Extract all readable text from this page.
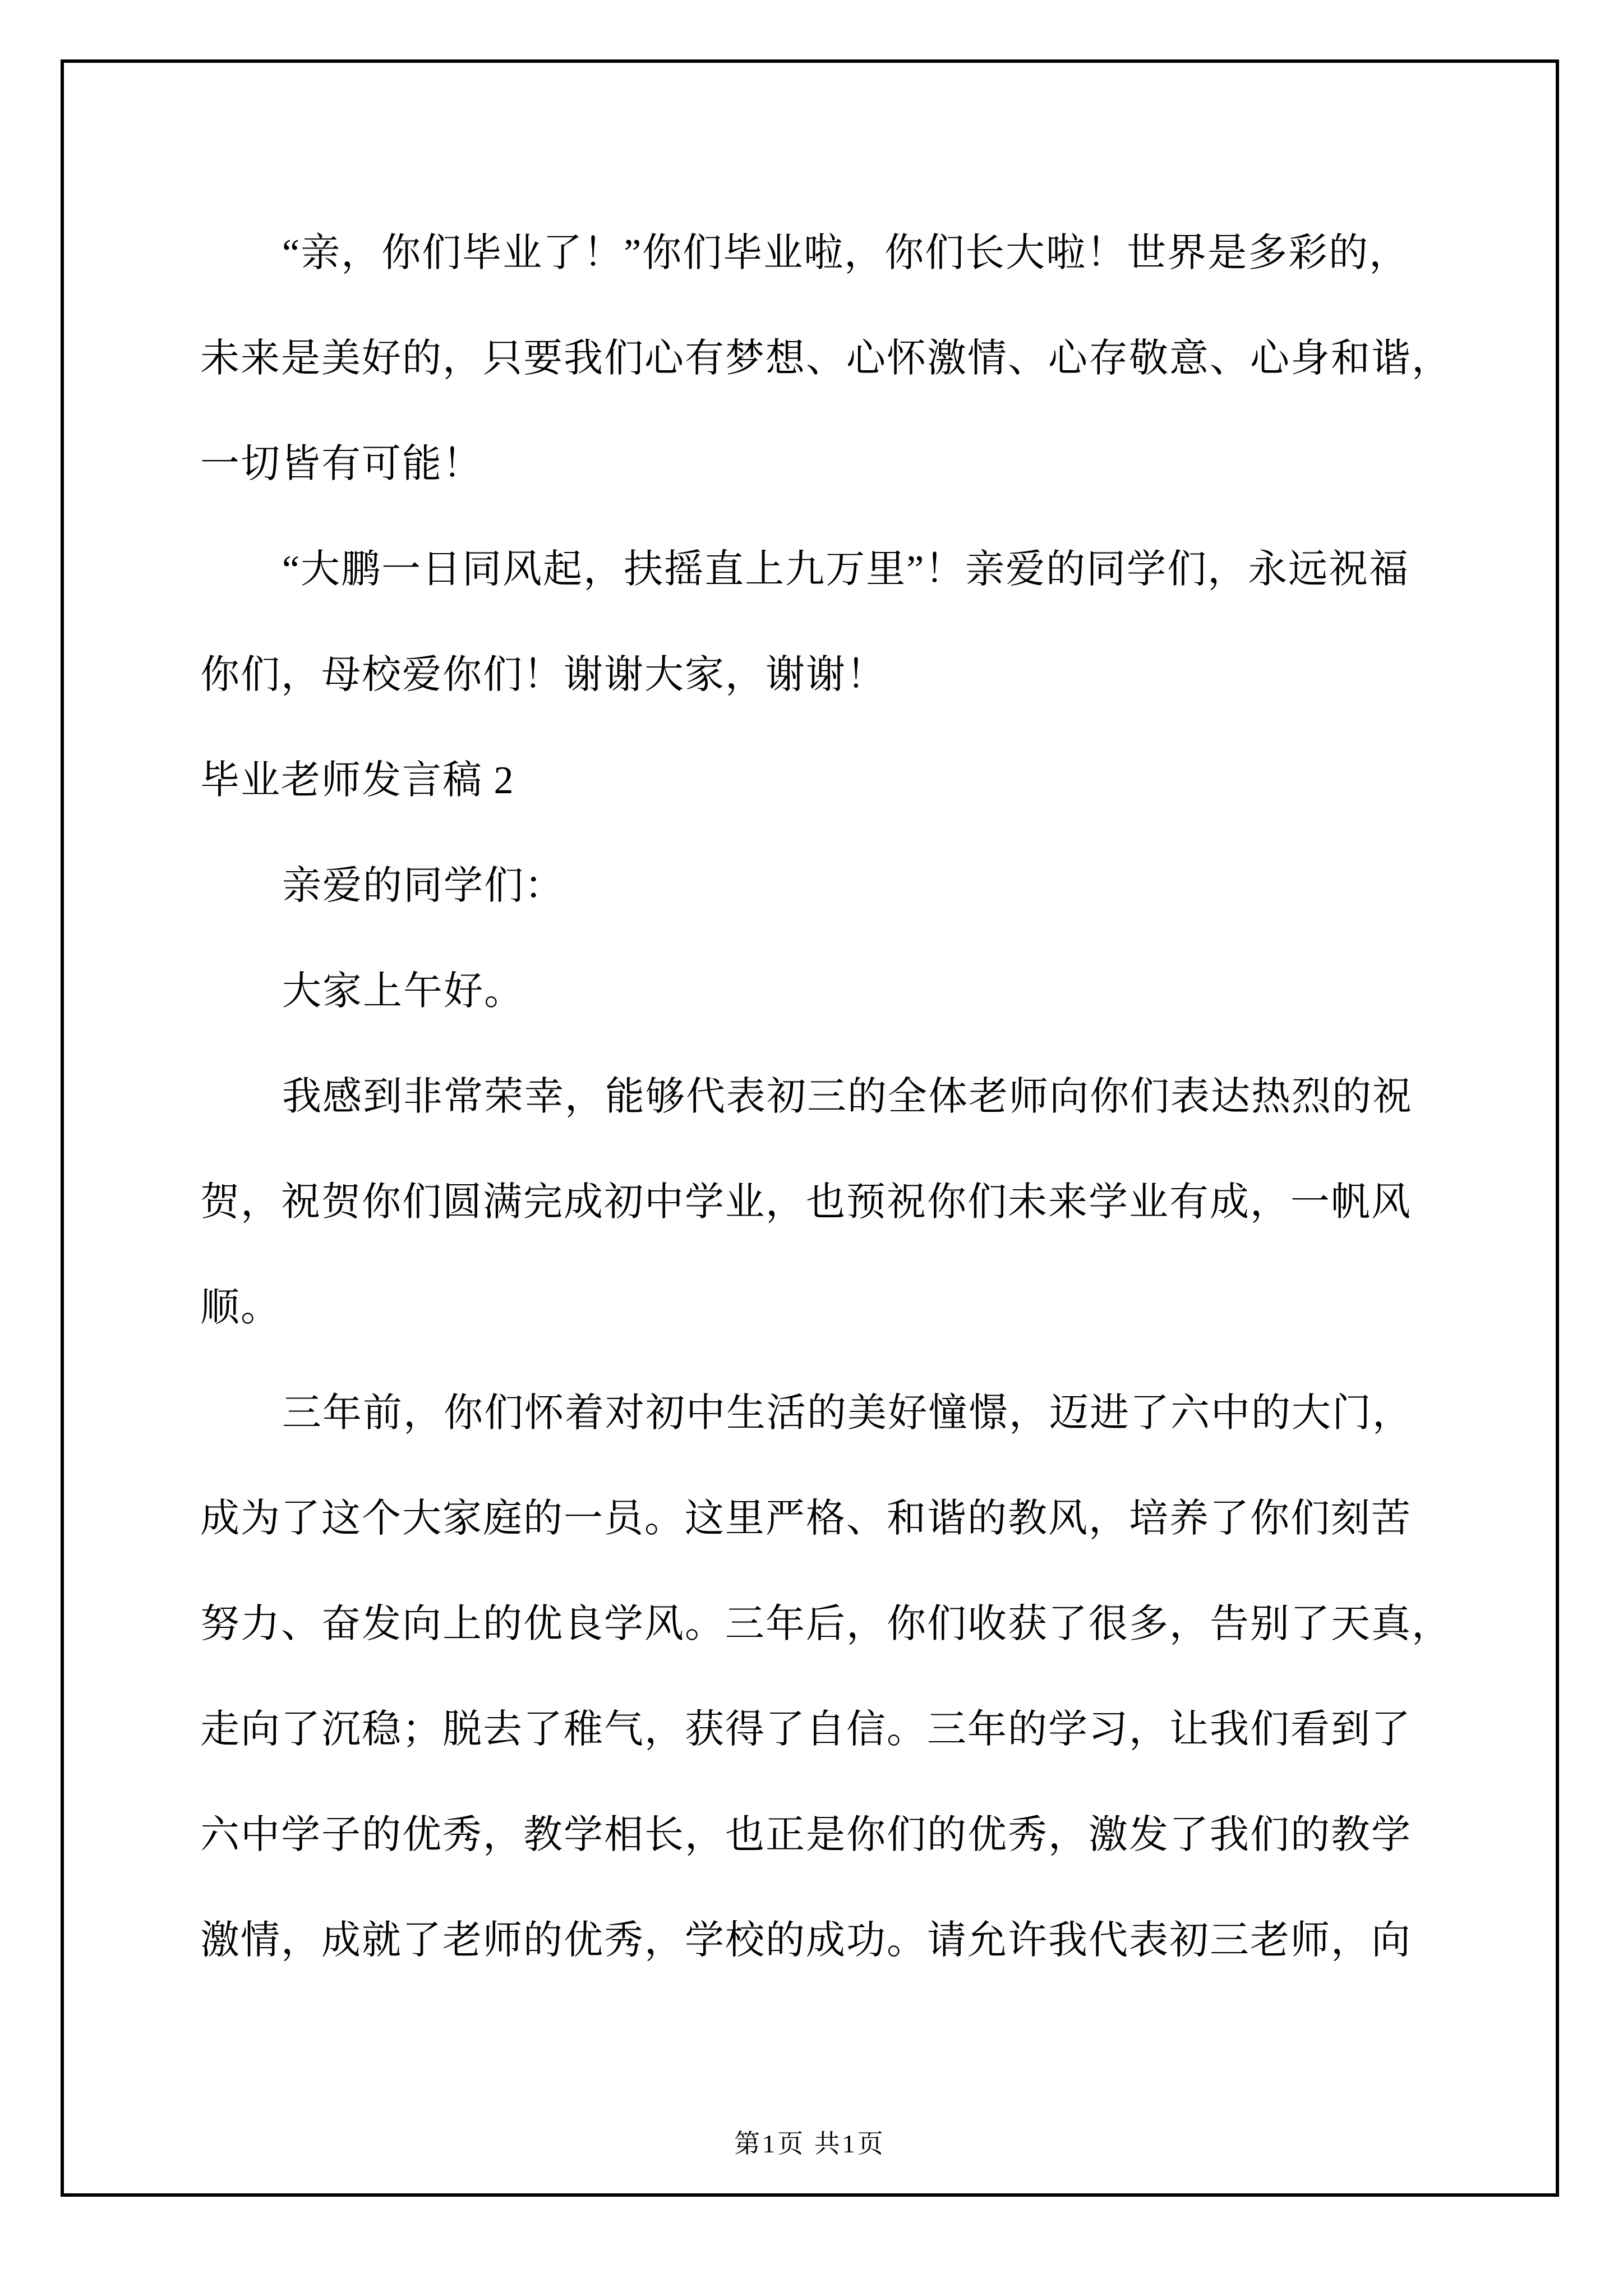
“亲，你们毕业了！”你们毕业啦，你们长大啦！世界是多彩的，
未来是美好的，只要我们心有梦想、心怀激情、心存敬意、心身和谐，
一切皆有可能！
“大鹏一日同风起，扶摇直上九万里”！亲爱的同学们，永远祝福
你们，母校爱你们！谢谢大家，谢谢！
毕业老师发言稿 2
亲爱的同学们：
大家上午好。
我感到非常荣幸，能够代表初三的全体老师向你们表达热烈的祝
贺，祝贺你们圆满完成初中学业，也预祝你们未来学业有成，一帆风
顺。
三年前，你们怀着对初中生活的美好憧憬，迈进了六中的大门，
成为了这个大家庭的一员。这里严格、和谐的教风，培养了你们刻苦
努力、奋发向上的优良学风。三年后，你们收获了很多，告别了天真，
走向了沉稳；脱去了稚气，获得了自信。三年的学习，让我们看到了
六中学子的优秀，教学相长，也正是你们的优秀，激发了我们的教学
激情，成就了老师的优秀，学校的成功。请允许我代表初三老师，向
第1页 共1页
